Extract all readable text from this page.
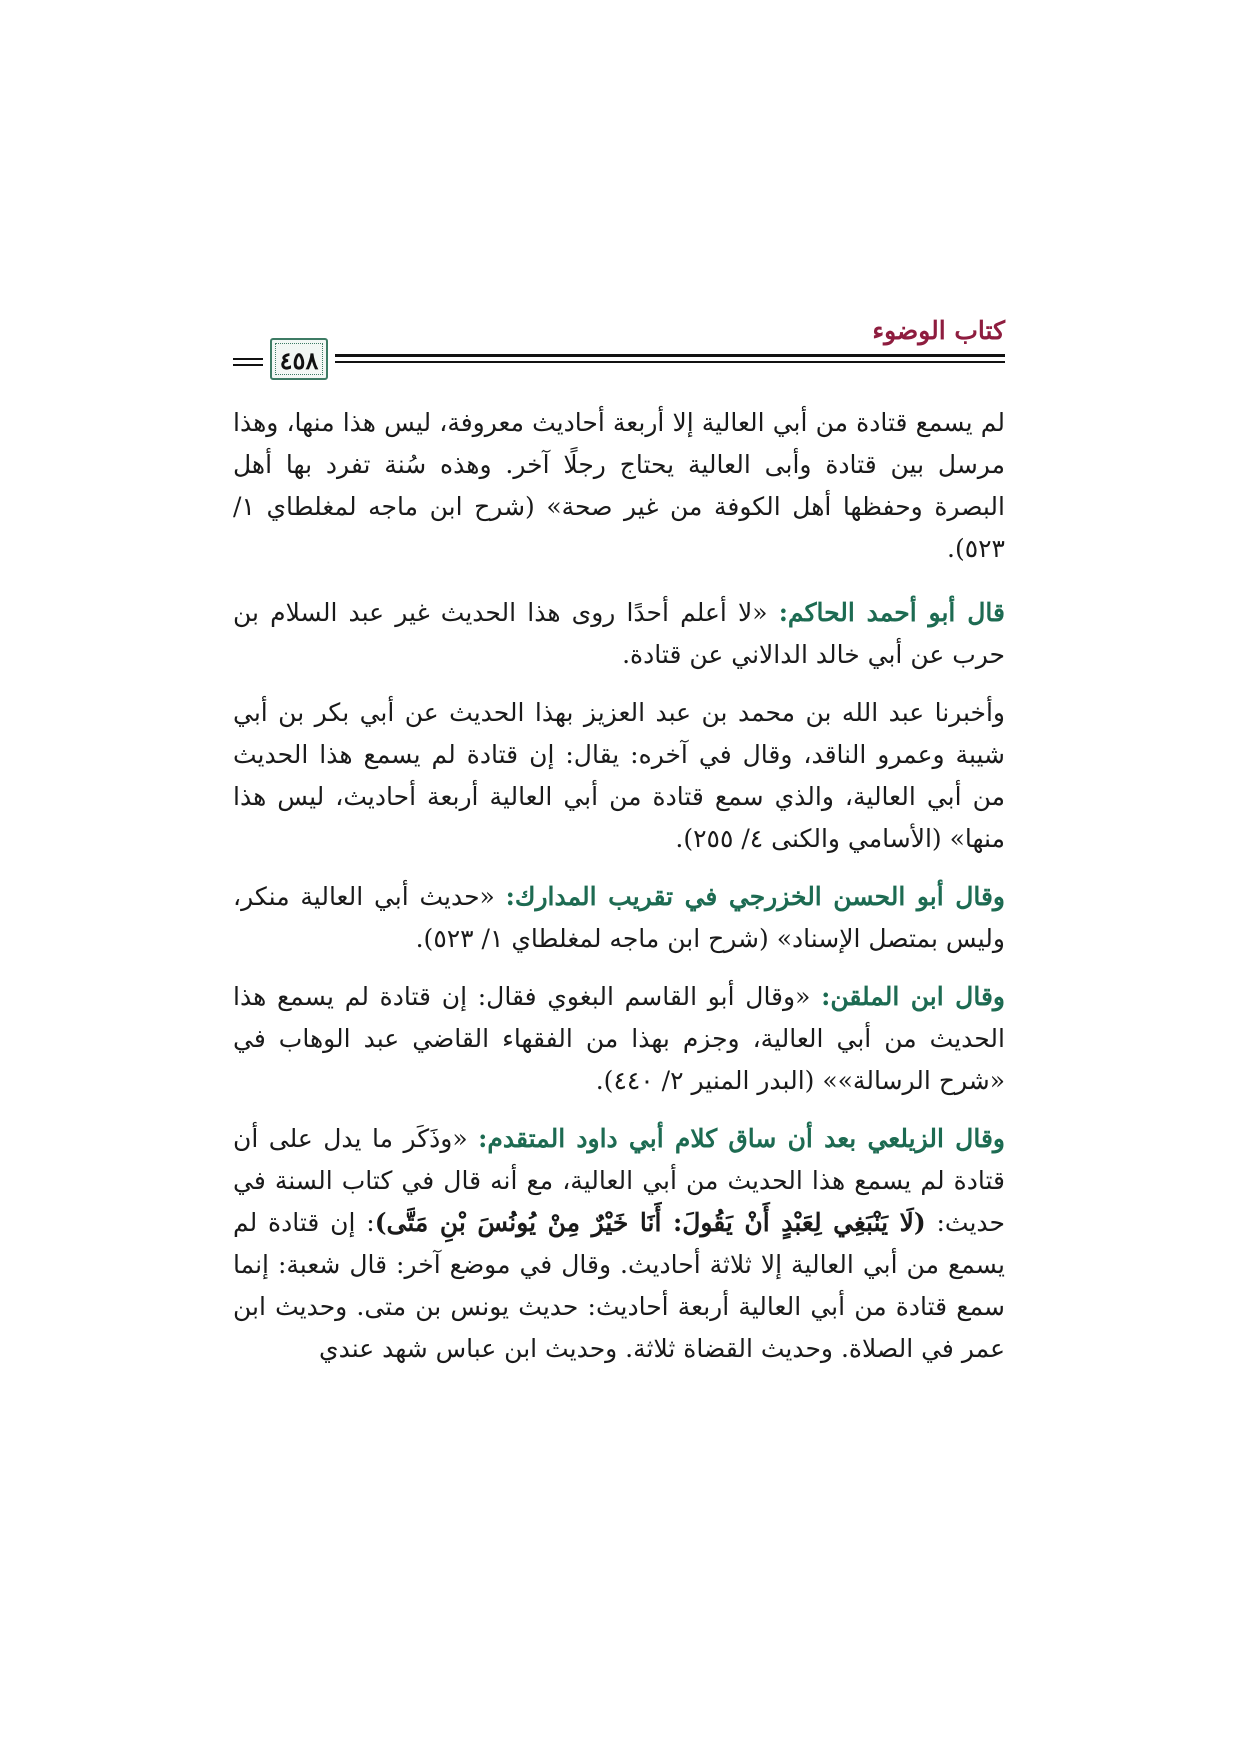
٤٥٨
كتاب الوضوء

لم يسمع قتادة من أبي العالية إلا أربعة أحاديث معروفة، ليس هذا منها، وهذا مرسل بين قتادة وأبى العالية يحتاج رجلًا آخر. وهذه سُنة تفرد بها أهل البصرة وحفظها أهل الكوفة من غير صحة» (شرح ابن ماجه لمغلطاي ١/ ٥٢٣).

قال أبو أحمد الحاكم: «لا أعلم أحدًا روى هذا الحديث غير عبد السلام بن حرب عن أبي خالد الدالاني عن قتادة.

وأخبرنا عبد الله بن محمد بن عبد العزيز بهذا الحديث عن أبي بكر بن أبي شيبة وعمرو الناقد، وقال في آخره: يقال: إن قتادة لم يسمع هذا الحديث من أبي العالية، والذي سمع قتادة من أبي العالية أربعة أحاديث، ليس هذا منها» (الأسامي والكنى ٤/ ٢٥٥).

وقال أبو الحسن الخزرجي في تقريب المدارك: «حديث أبي العالية منكر، وليس بمتصل الإسناد» (شرح ابن ماجه لمغلطاي ١/ ٥٢٣).

وقال ابن الملقن: «وقال أبو القاسم البغوي فقال: إن قتادة لم يسمع هذا الحديث من أبي العالية، وجزم بهذا من الفقهاء القاضي عبد الوهاب في «شرح الرسالة»» (البدر المنير ٢/ ٤٤٠).

وقال الزيلعي بعد أن ساق كلام أبي داود المتقدم: «وذَكَر ما يدل على أن قتادة لم يسمع هذا الحديث من أبي العالية، مع أنه قال في كتاب السنة في حديث: (لَا يَنْبَغِي لِعَبْدٍ أَنْ يَقُولَ: أَنَا خَيْرٌ مِنْ يُونُسَ بْنِ مَتَّى): إن قتادة لم يسمع من أبي العالية إلا ثلاثة أحاديث. وقال في موضع آخر: قال شعبة: إنما سمع قتادة من أبي العالية أربعة أحاديث: حديث يونس بن متى. وحديث ابن عمر في الصلاة. وحديث القضاة ثلاثة. وحديث ابن عباس شهد عندي
